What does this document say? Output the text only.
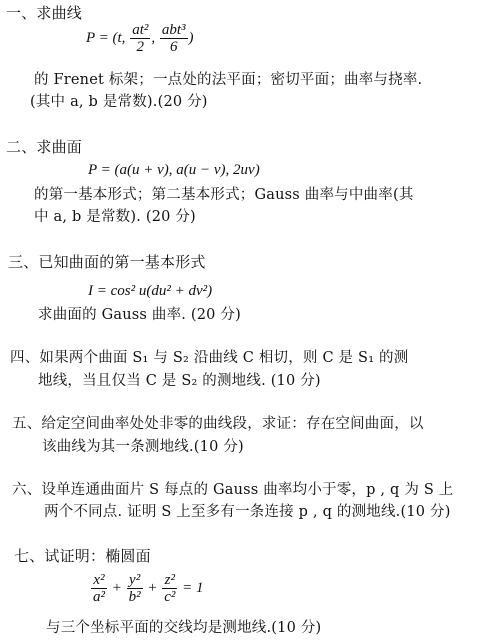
一、求曲线
P = (t, $\frac{\text{at²}}{2}$ , $\frac{\text{abt³}}{6}$ )
的 Frenet 标架；一点处的法平面；密切平面；曲率与挠率.
(其中 a, b 是常数).(20 分)
二、求曲面
P = (a(u + v), a(u − v), 2uv)
的第一基本形式；第二基本形式；Gauss 曲率与中曲率(其
中 a, b 是常数). (20 分)
三、已知曲面的第一基本形式
I = cos² u(du² + dv²)
求曲面的 Gauss 曲率. (20 分)
四、如果两个曲面 S₁ 与 S₂ 沿曲线 C 相切，则 C 是 S₁ 的测
地线，当且仅当 C 是 S₂ 的测地线. (10 分)
五、给定空间曲率处处非零的曲线段，求证：存在空间曲面，以
该曲线为其一条测地线.(10 分)
六、设单连通曲面片 S 每点的 Gauss 曲率均小于零，p , q 为 S 上
两个不同点. 证明 S 上至多有一条连接 p , q 的测地线.(10 分)
七、试证明：椭圆面
$\frac{\text{x²}}{\text{a²}} + \frac{\text{y²}}{\text{b²}} + \frac{\text{z²}}{\text{c²}} = 1$
与三个坐标平面的交线均是测地线.(10 分)
